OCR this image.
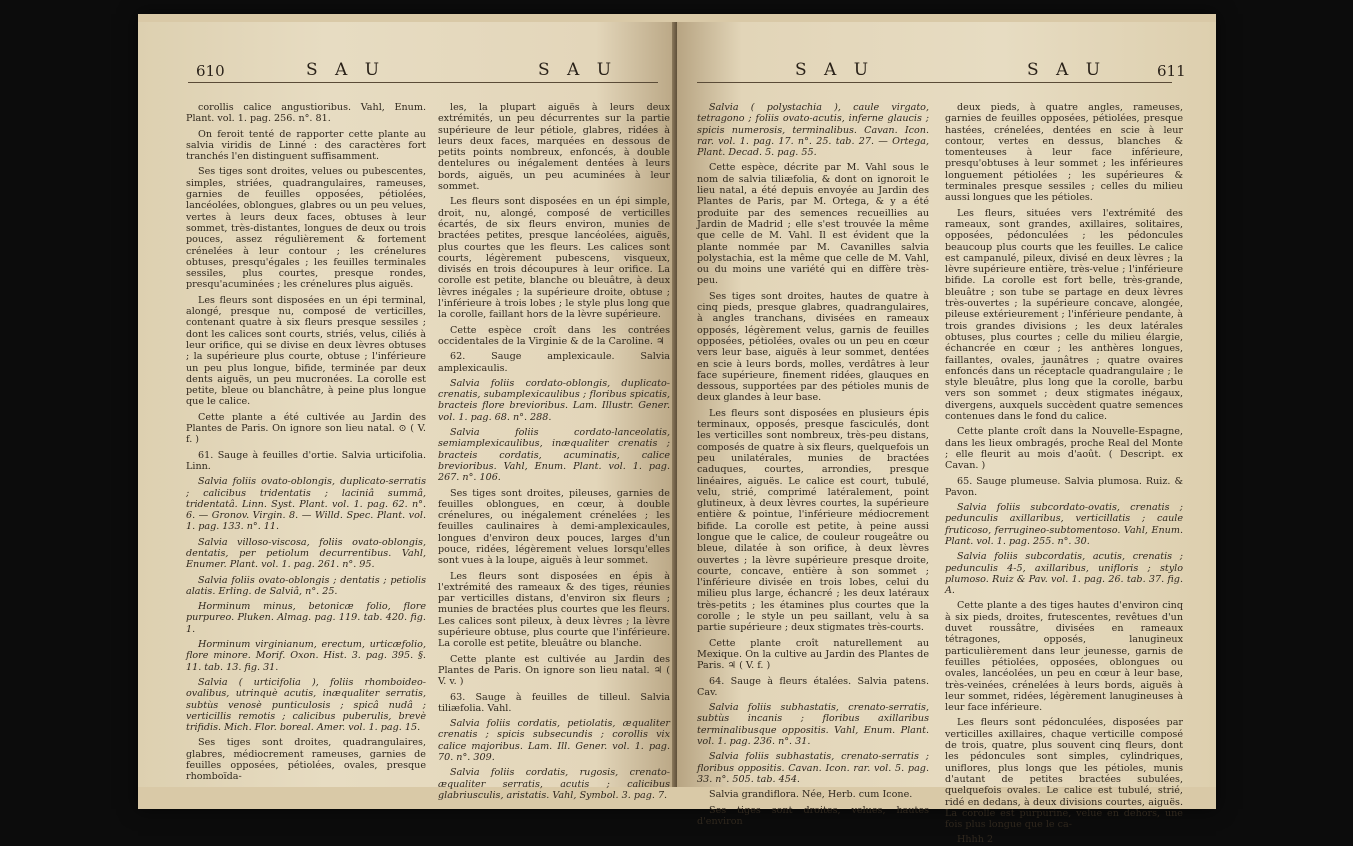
610	S A U	S A U

corollis calice angustioribus. Vahl, Enum. Plant. vol. 1. pag. 256. n°. 81.

On feroit tenté de rapporter cette plante au salvia viridis de Linné : des caractères fort tranchés l'en distinguent suffisamment.

Ses tiges sont droites, velues ou pubescentes, simples, striées, quadrangulaires, rameuses, garnies de feuilles opposées, pétiolées, lancéolées, oblongues, glabres ou un peu velues, vertes à leurs deux faces, obtuses à leur sommet, très-distantes, longues de deux ou trois pouces, assez régulièrement & fortement crénelées à leur contour ; les crénelures obtuses, presqu'égales ; les feuilles terminales sessiles, plus courtes, presque rondes, presqu'acuminées ; les crénelures plus aiguës.

Les fleurs sont disposées en un épi terminal, alongé, presque nu, composé de verticilles, contenant quatre à six fleurs presque sessiles ; dont les calices sont courts, striés, velus, ciliés à leur orifice, qui se divise en deux lèvres obtuses ; la supérieure plus courte, obtuse ; l'inférieure un peu plus longue, bifide, terminée par deux dents aiguës, un peu mucronées. La corolle est petite, bleue ou blanchâtre, à peine plus longue que le calice.

Cette plante a été cultivée au Jardin des Plantes de Paris. On ignore son lieu natal. ⊙ ( V. f. )

61. Sauge à feuilles d'ortie. Salvia urticifolia. Linn.

Salvia foliis ovato-oblongis, duplicato-serratis ; calicibus tridentatis ; laciniâ summâ, tridentatâ. Linn. Syst. Plant. vol. 1. pag. 62. n°. 6. — Gronov. Virgin. 8. — Willd. Spec. Plant. vol. 1. pag. 133. n°. 11.

Salvia villoso-viscosa, foliis ovato-oblongis, dentatis, per petiolum decurrentibus. Vahl, Enumer. Plant. vol. 1. pag. 261. n°. 95.

Salvia foliis ovato-oblongis ; dentatis ; petiolis alatis. Erling. de Salviâ, n°. 25.

Horminum minus, betonicæ folio, flore purpureo. Pluken. Almag. pag. 119. tab. 420. fig. 1.

Horminum virginianum, erectum, urticæfolio, flore minore. Morif. Oxon. Hist. 3. pag. 395. §. 11. tab. 13. fig. 31.

Salvia ( urticifolia ), foliis rhomboideo-ovalibus, utrinquè acutis, inæqualiter serratis, subtùs venosè punticulosis ; spicâ nudâ ; verticillis remotis ; calicibus puberulis, brevè trifidis. Mich. Flor. boreal. Amer. vol. 1. pag. 15.

Ses tiges sont droites, quadrangulaires, glabres, médiocrement rameuses, garnies de feuilles opposées, pétiolées, ovales, presque rhomboïda-

les, la plupart aiguës à leurs deux extrémités, un peu décurrentes sur la partie supérieure de leur pétiole, glabres, ridées à leurs deux faces, marquées en dessous de petits points nombreux, enfoncés, à double dentelures ou inégalement dentées à leurs bords, aiguës, un peu acuminées à leur sommet.

Les fleurs sont disposées en un épi simple, droit, nu, alongé, composé de verticilles écartés, de six fleurs environ, munies de bractées petites, presque lancéolées, aiguës, plus courtes que les fleurs. Les calices sont courts, légèrement pubescens, visqueux, divisés en trois découpures à leur orifice. La corolle est petite, blanche ou bleuâtre, à deux lèvres inégales ; la supérieure droite, obtuse ; l'inférieure à trois lobes ; le style plus long que la corolle, faillant hors de la lèvre supérieure.

Cette espèce croît dans les contrées occidentales de la Virginie & de la Caroline. ♃

62. Sauge amplexicaule. Salvia amplexicaulis.

Salvia foliis cordato-oblongis, duplicato-crenatis, subamplexicaulibus ; floribus spicatis, bracteis flore brevioribus. Lam. Illustr. Gener. vol. 1. pag. 68. n°. 288.

Salvia foliis cordato-lanceolatis, semiamplexicaulibus, inæqualiter crenatis ; bracteis cordatis, acuminatis, calice brevioribus. Vahl, Enum. Plant. vol. 1. pag. 267. n°. 106.

Ses tiges sont droites, pileuses, garnies de feuilles oblongues, en cœur, à double crénelures, ou inégalement crénelées ; les feuilles caulinaires à demi-amplexicaules, longues d'environ deux pouces, larges d'un pouce, ridées, légèrement velues lorsqu'elles sont vues à la loupe, aiguës à leur sommet.

Les fleurs sont disposées en épis à l'extrémité des rameaux & des tiges, réunies par verticilles distans, d'environ six fleurs ; munies de bractées plus courtes que les fleurs. Les calices sont pileux, à deux lèvres ; la lèvre supérieure obtuse, plus courte que l'inférieure. La corolle est petite, bleuâtre ou blanche.

Cette plante est cultivée au Jardin des Plantes de Paris. On ignore son lieu natal. ♃ ( V. v. )

63. Sauge à feuilles de tilleul. Salvia tiliæfolia. Vahl.

Salvia foliis cordatis, petiolatis, æqualiter crenatis ; spicis subsecundis ; corollis vix calice majoribus. Lam. Ill. Gener. vol. 1. pag. 70. n°. 309.

Salvia foliis cordatis, rugosis, crenato-æqualiter serratis, acutis ; calicibus glabriusculis, aristatis. Vahl, Symbol. 3. pag. 7.

S A U	S A U	611

Salvia ( polystachia ), caule virgato, tetragono ; foliis ovato-acutis, inferne glaucis ; spicis numerosis, terminalibus. Cavan. Icon. rar. vol. 1. pag. 17. n°. 25. tab. 27. — Ortega, Plant. Decad. 5. pag. 55.

Cette espèce, décrite par M. Vahl sous le nom de salvia tiliæfolia, & dont on ignoroit le lieu natal, a été depuis envoyée au Jardin des Plantes de Paris, par M. Ortega, & y a été produite par des semences recueillies au Jardin de Madrid ; elle s'est trouvée la même que celle de M. Vahl. Il est évident que la plante nommée par M. Cavanilles salvia polystachia, est la même que celle de M. Vahl, ou du moins une variété qui en diffère très-peu.

Ses tiges sont droites, hautes de quatre à cinq pieds, presque glabres, quadrangulaires, à angles tranchans, divisées en rameaux opposés, légèrement velus, garnis de feuilles opposées, pétiolées, ovales ou un peu en cœur vers leur base, aiguës à leur sommet, dentées en scie à leurs bords, molles, verdâtres à leur face supérieure, finement ridées, glauques en dessous, supportées par des pétioles munis de deux glandes à leur base.

Les fleurs sont disposées en plusieurs épis terminaux, opposés, presque fasciculés, dont les verticilles sont nombreux, très-peu distans, composés de quatre à six fleurs, quelquefois un peu unilatérales, munies de bractées caduques, courtes, arrondies, presque linéaires, aiguës. Le calice est court, tubulé, velu, strié, comprimé latéralement, point glutineux, à deux lèvres courtes, la supérieure entière & pointue, l'inférieure médiocrement bifide. La corolle est petite, à peine aussi longue que le calice, de couleur rougeâtre ou bleue, dilatée à son orifice, à deux lèvres ouvertes ; la lèvre supérieure presque droite, courte, concave, entière à son sommet ; l'inférieure divisée en trois lobes, celui du milieu plus large, échancré ; les deux latéraux très-petits ; les étamines plus courtes que la corolle ; le style un peu saillant, velu à sa partie supérieure ; deux stigmates très-courts.

Cette plante croît naturellement au Mexique. On la cultive au Jardin des Plantes de Paris. ♃ ( V. f. )

64. Sauge à fleurs étalées. Salvia patens. Cav.

Salvia foliis subhastatis, crenato-serratis, subtùs incanis ; floribus axillaribus terminalibusque oppositis. Vahl, Enum. Plant. vol. 1. pag. 236. n°. 31.

Salvia foliis subhastatis, crenato-serratis ; floribus oppositis. Cavan. Icon. rar. vol. 5. pag. 33. n°. 505. tab. 454.

Salvia grandiflora. Née, Herb. cum Icone.

Ses tiges sont droites, velues, hautes d'environ

deux pieds, à quatre angles, rameuses, garnies de feuilles opposées, pétiolées, presque hastées, crénelées, dentées en scie à leur contour, vertes en dessus, blanches & tomenteuses à leur face inférieure, presqu'obtuses à leur sommet ; les inférieures longuement pétiolées ; les supérieures & terminales presque sessiles ; celles du milieu aussi longues que les pétioles.

Les fleurs, situées vers l'extrémité des rameaux, sont grandes, axillaires, solitaires, opposées, pédonculées ; les pédoncules beaucoup plus courts que les feuilles. Le calice est campanulé, pileux, divisé en deux lèvres ; la lèvre supérieure entière, très-velue ; l'inférieure bifide. La corolle est fort belle, très-grande, bleuâtre ; son tube se partage en deux lèvres très-ouvertes ; la supérieure concave, alongée, pileuse extérieurement ; l'inférieure pendante, à trois grandes divisions ; les deux latérales obtuses, plus courtes ; celle du milieu élargie, échancrée en cœur ; les anthères longues, faillantes, ovales, jaunâtres ; quatre ovaires enfoncés dans un réceptacle quadrangulaire ; le style bleuâtre, plus long que la corolle, barbu vers son sommet ; deux stigmates inégaux, divergens, auxquels succèdent quatre semences contenues dans le fond du calice.

Cette plante croît dans la Nouvelle-Espagne, dans les lieux ombragés, proche Real del Monte ; elle fleurit au mois d'août. ( Descript. ex Cavan. )

65. Sauge plumeuse. Salvia plumosa. Ruiz. & Pavon.

Salvia foliis subcordato-ovatis, crenatis ; pedunculis axillaribus, verticillatis ; caule fruticoso, ferrugineo-subtomentoso. Vahl, Enum. Plant. vol. 1. pag. 255. n°. 30.

Salvia foliis subcordatis, acutis, crenatis ; pedunculis 4-5, axillaribus, unifloris ; stylo plumoso. Ruiz & Pav. vol. 1. pag. 26. tab. 37. fig. A.

Cette plante a des tiges hautes d'environ cinq à six pieds, droites, frutescentes, revêtues d'un duvet roussâtre, divisées en rameaux tétragones, opposés, lanugineux particulièrement dans leur jeunesse, garnis de feuilles pétiolées, opposées, oblongues ou ovales, lancéolées, un peu en cœur à leur base, très-veinées, crénelées à leurs bords, aiguës à leur sommet, ridées, légèrement lanugineuses à leur face inférieure.

Les fleurs sont pédonculées, disposées par verticilles axillaires, chaque verticille composé de trois, quatre, plus souvent cinq fleurs, dont les pédoncules sont simples, cylindriques, uniflores, plus longs que les pétioles, munis d'autant de petites bractées subulées, quelquefois ovales. Le calice est tubulé, strié, ridé en dedans, à deux divisions courtes, aiguës. La corolle est purpurine, velue en dehors, une fois plus longue que le ca-

Hhhh 2
